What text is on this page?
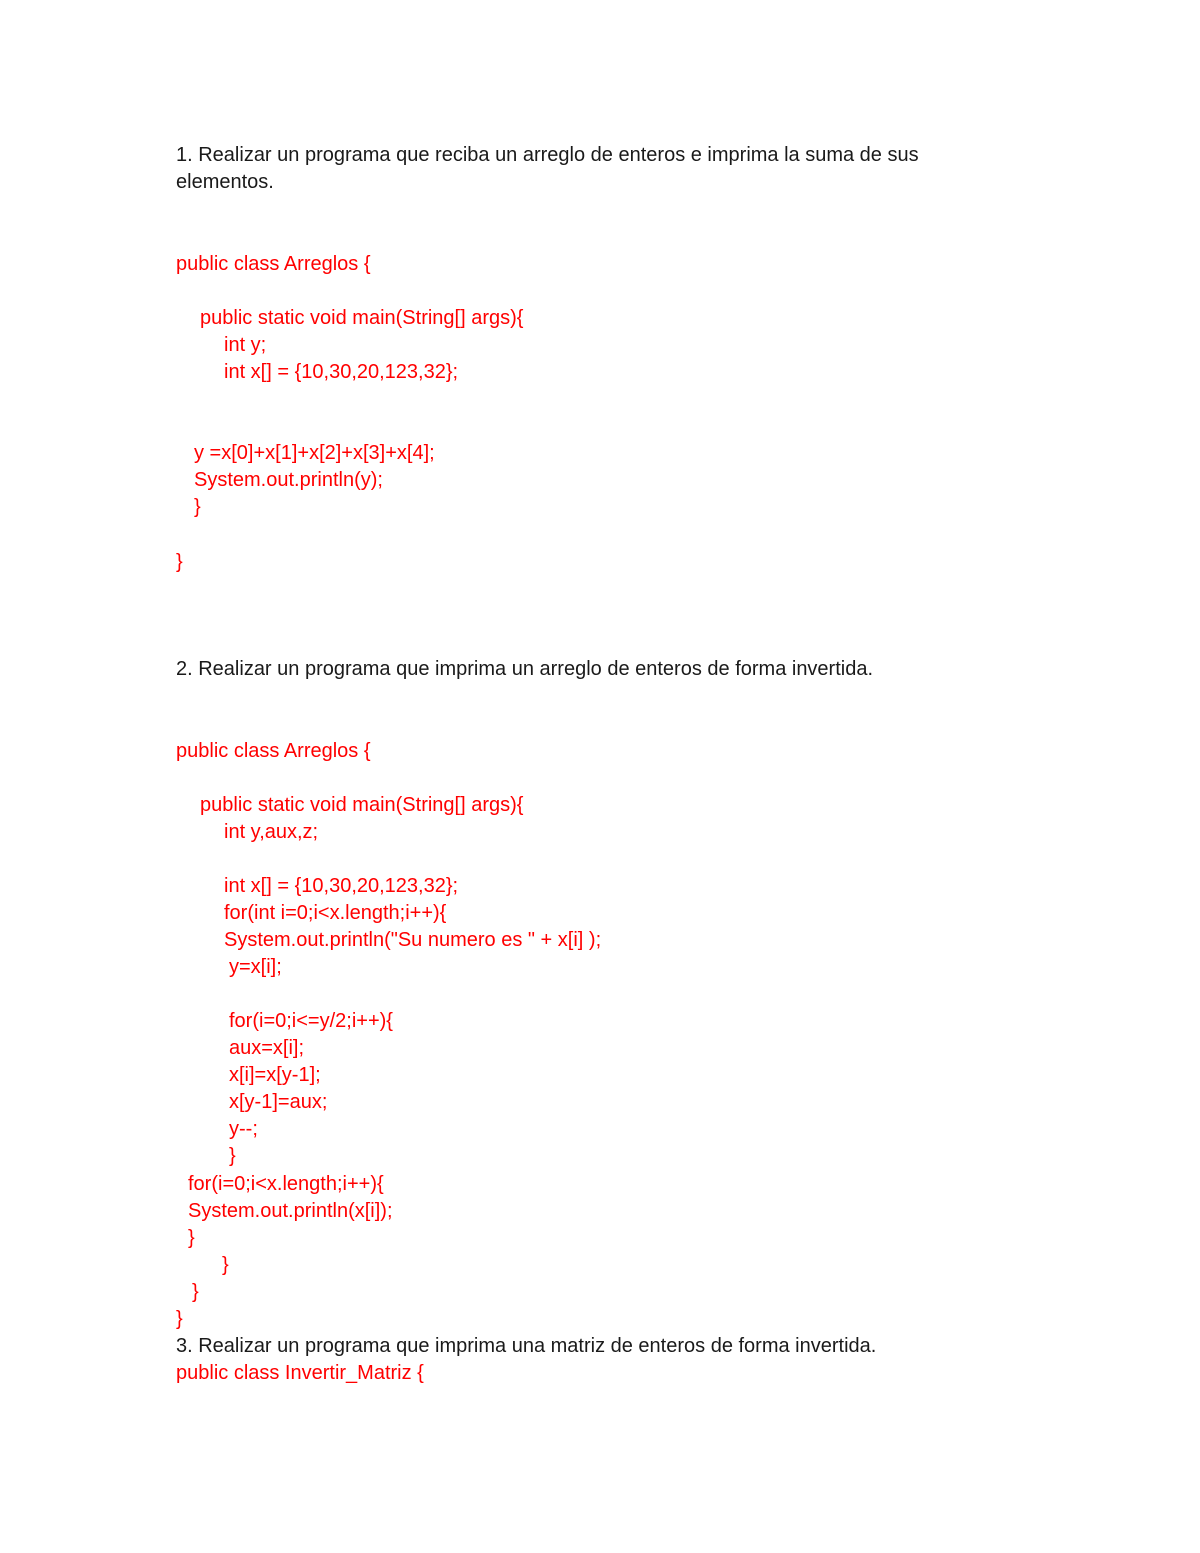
1. Realizar un programa que reciba un arreglo de enteros e imprima la suma de sus

elementos.

public class Arreglos {

public static void main(String[] args){

int y;

int x[] = {10,30,20,123,32};

y =x[0]+x[1]+x[2]+x[3]+x[4];

System.out.println(y);

}

}

2. Realizar un programa que imprima un arreglo de enteros de forma invertida.

public class Arreglos {

public static void main(String[] args){

int y,aux,z;

int x[] = {10,30,20,123,32};

for(int i=0;i<x.length;i++){

System.out.println("Su numero es " + x[i] );

y=x[i];

for(i=0;i<=y/2;i++){

aux=x[i];

x[i]=x[y-1];

x[y-1]=aux;

y--;

}

for(i=0;i<x.length;i++){

System.out.println(x[i]);

}

}

}

}

3. Realizar un programa que imprima una matriz de enteros de forma invertida.

public class Invertir_Matriz {
